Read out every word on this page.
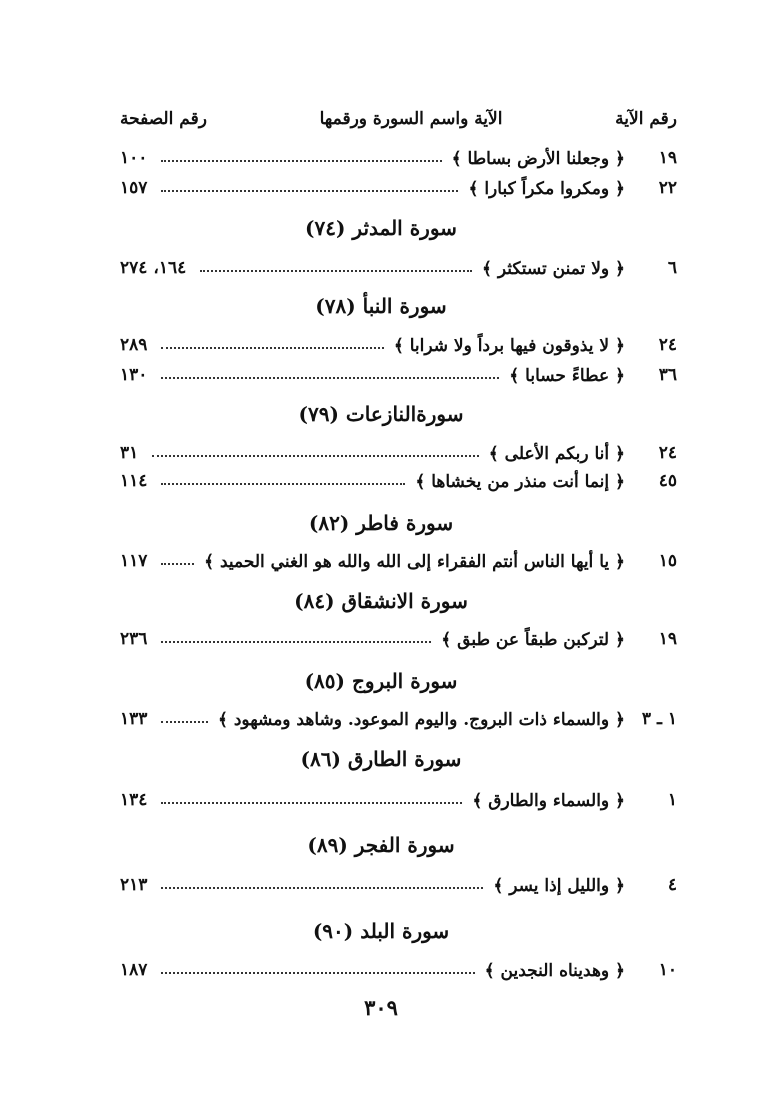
رقم الآية
الآية واسم السورة ورقمها
رقم الصفحة
١٩
﴿ وجعلنا الأرض بساطا ﴾
١٠٠
٢٢
﴿ ومكروا مكراً كبارا ﴾
١٥٧
سورة المدثر (٧٤)
٦
﴿ ولا تمنن تستكثر ﴾
١٦٤، ٢٧٤
سورة النبأ (٧٨)
٢٤
﴿ لا يذوقون فيها برداً ولا شرابا ﴾
٢٨٩
٣٦
﴿ عطاءً حسابا ﴾
١٣٠
سورةالنازعات (٧٩)
٢٤
﴿ أنا ربكم الأعلى ﴾
٣١
٤٥
﴿ إنما أنت منذر من يخشاها ﴾
١١٤
سورة فاطر (٨٢)
١٥
﴿ يا أيها الناس أنتم الفقراء إلى الله والله هو الغني الحميد ﴾
١١٧
سورة الانشقاق (٨٤)
١٩
﴿ لتركبن طبقاً عن طبق ﴾
٢٣٦
سورة البروج (٨٥)
١ ـ ٣
﴿ والسماء ذات البروج. واليوم الموعود. وشاهد ومشهود ﴾
١٣٣
سورة الطارق (٨٦)
١
﴿ والسماء والطارق ﴾
١٣٤
سورة الفجر (٨٩)
٤
﴿ والليل إذا يسر ﴾
٢١٣
سورة البلد (٩٠)
١٠
﴿ وهديناه النجدين ﴾
١٨٧
٣٠٩
